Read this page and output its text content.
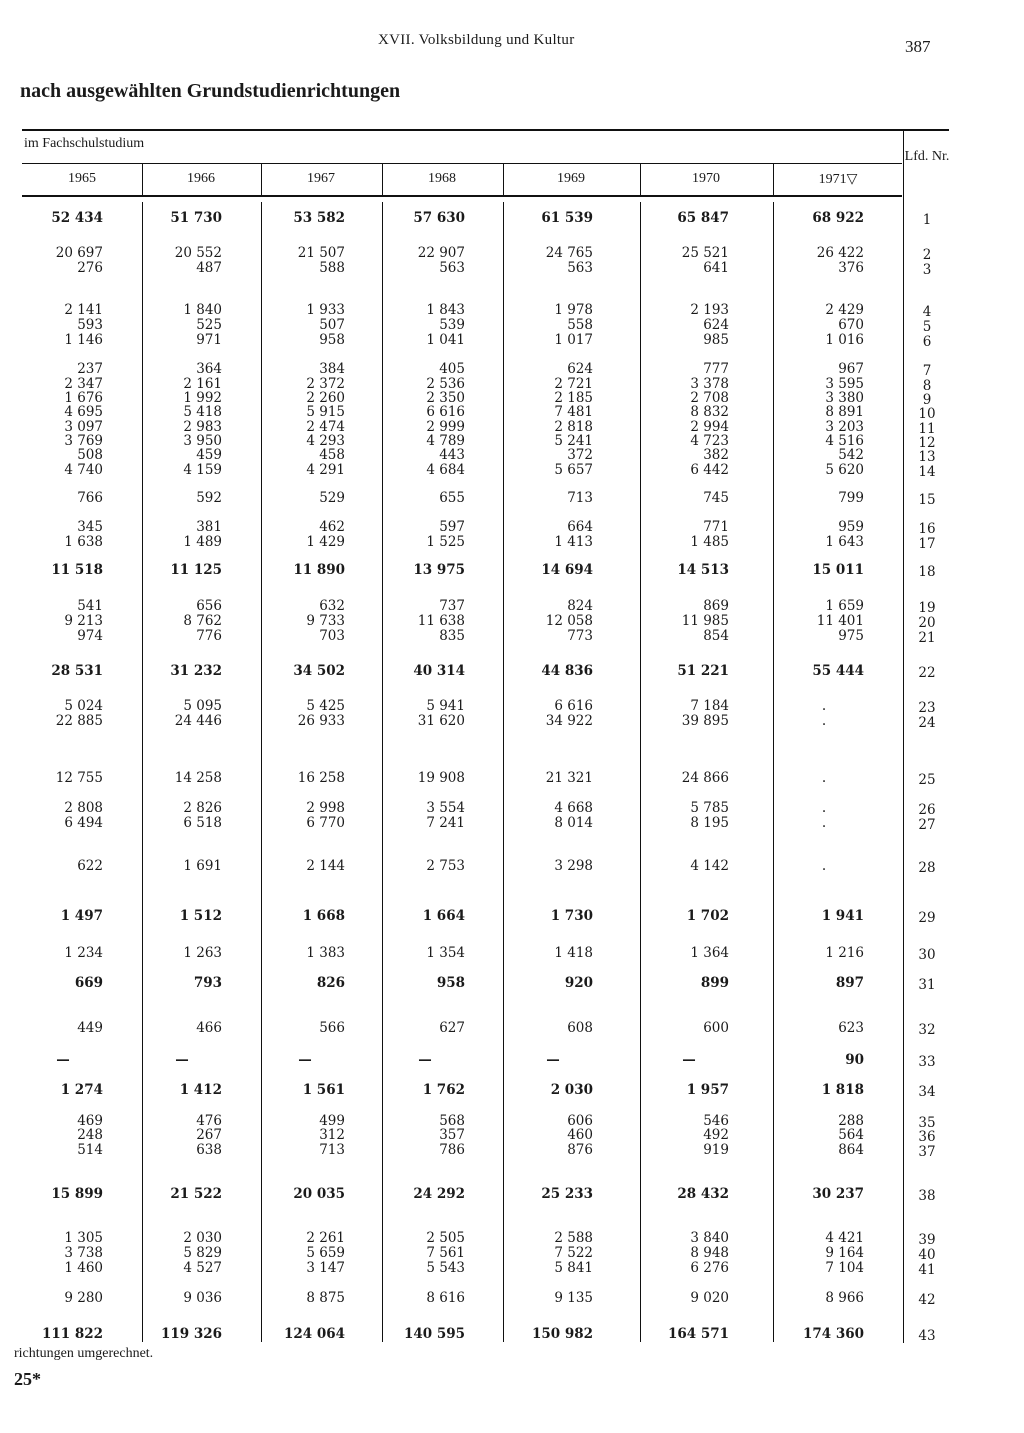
XVII. Volksbildung und Kultur	387
nach ausgewählten Grundstudienrichtungen
im Fachschulstudium
1965	1966	1967	1968	1969	1970	1971▽
Lfd. Nr.
52 434	51 730	53 582	57 630	61 539	65 847	68 922	1
20 697	20 552	21 507	22 907	24 765	25 521	26 422	2
276	487	588	563	563	641	376	3
2 141	1 840	1 933	1 843	1 978	2 193	2 429	4
593	525	507	539	558	624	670	5
1 146	971	958	1 041	1 017	985	1 016	6
237	364	384	405	624	777	967	7
2 347	2 161	2 372	2 536	2 721	3 378	3 595	8
1 676	1 992	2 260	2 350	2 185	2 708	3 380	9
4 695	5 418	5 915	6 616	7 481	8 832	8 891	10
3 097	2 983	2 474	2 999	2 818	2 994	3 203	11
3 769	3 950	4 293	4 789	5 241	4 723	4 516	12
508	459	458	443	372	382	542	13
4 740	4 159	4 291	4 684	5 657	6 442	5 620	14
766	592	529	655	713	745	799	15
345	381	462	597	664	771	959	16
1 638	1 489	1 429	1 525	1 413	1 485	1 643	17
11 518	11 125	11 890	13 975	14 694	14 513	15 011	18
541	656	632	737	824	869	1 659	19
9 213	8 762	9 733	11 638	12 058	11 985	11 401	20
974	776	703	835	773	854	975	21
28 531	31 232	34 502	40 314	44 836	51 221	55 444	22
5 024	5 095	5 425	5 941	6 616	7 184	.	23
22 885	24 446	26 933	31 620	34 922	39 895	.	24
12 755	14 258	16 258	19 908	21 321	24 866	.	25
2 808	2 826	2 998	3 554	4 668	5 785	.	26
6 494	6 518	6 770	7 241	8 014	8 195	.	27
622	1 691	2 144	2 753	3 298	4 142	.	28
1 497	1 512	1 668	1 664	1 730	1 702	1 941	29
1 234	1 263	1 383	1 354	1 418	1 364	1 216	30
669	793	826	958	920	899	897	31
449	466	566	627	608	600	623	32
—	—	—	—	—	—	90	33
1 274	1 412	1 561	1 762	2 030	1 957	1 818	34
469	476	499	568	606	546	288	35
248	267	312	357	460	492	564	36
514	638	713	786	876	919	864	37
15 899	21 522	20 035	24 292	25 233	28 432	30 237	38
1 305	2 030	2 261	2 505	2 588	3 840	4 421	39
3 738	5 829	5 659	7 561	7 522	8 948	9 164	40
1 460	4 527	3 147	5 543	5 841	6 276	7 104	41
9 280	9 036	8 875	8 616	9 135	9 020	8 966	42
111 822	119 326	124 064	140 595	150 982	164 571	174 360	43
richtungen umgerechnet.
25*
